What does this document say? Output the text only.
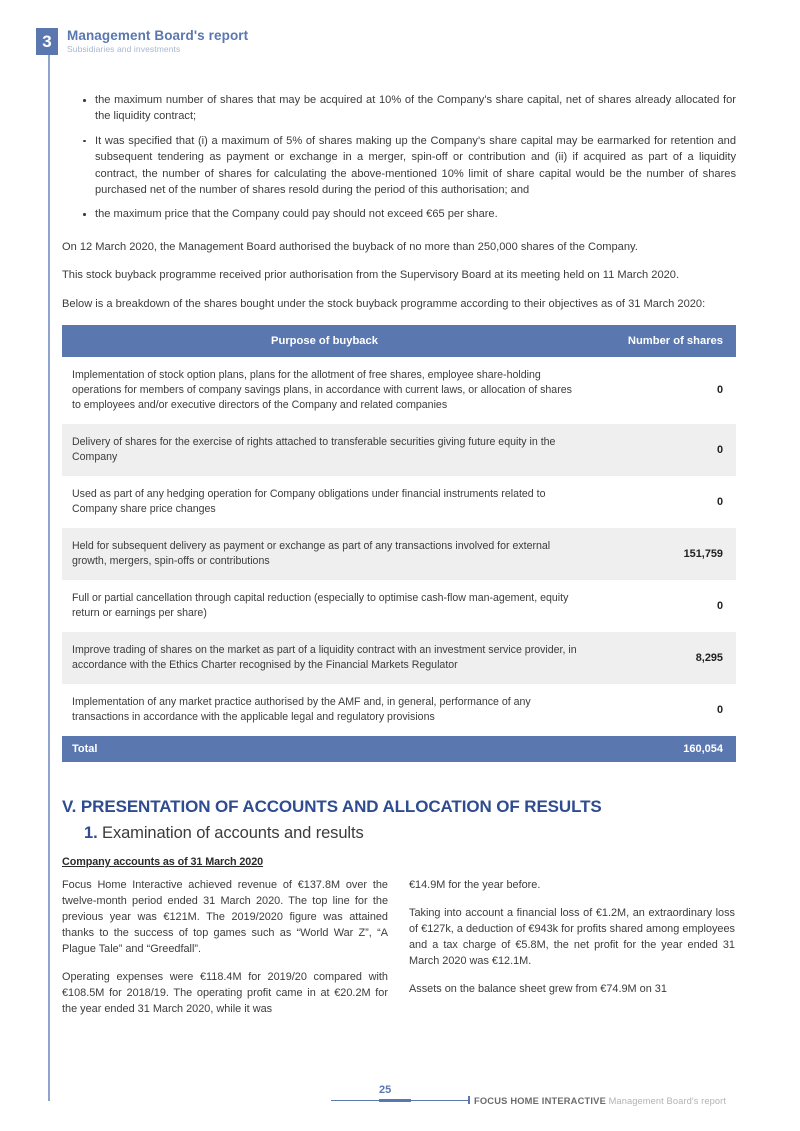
3	Management Board's report
Subsidiaries and investments
the maximum number of shares that may be acquired at 10% of the Company's share capital, net of shares already allocated for the liquidity contract;
It was specified that (i) a maximum of 5% of shares making up the Company's share capital may be earmarked for retention and subsequent tendering as payment or exchange in a merger, spin-off or contribution and (ii) if acquired as part of a liquidity contract, the number of shares for calculating the above-mentioned 10% limit of share capital would be the number of shares purchased net of the number of shares resold during the period of this authorisation; and
the maximum price that the Company could pay should not exceed €65 per share.

On 12 March 2020, the Management Board authorised the buyback of no more than 250,000 shares of the Company.

This stock buyback programme received prior authorisation from the Supervisory Board at its meeting held on 11 March 2020.

Below is a breakdown of the shares bought under the stock buyback programme according to their objectives as of 31 March 2020:

Purpose of buyback	Number of shares
Implementation of stock option plans, plans for the allotment of free shares, employee share-holding operations for members of company savings plans, in accordance with current laws, or allocation of shares to employees and/or executive directors of the Company and related companies	0
Delivery of shares for the exercise of rights attached to transferable securities giving future equity in the Company	0
Used as part of any hedging operation for Company obligations under financial instruments related to Company share price changes	0
Held for subsequent delivery as payment or exchange as part of any transactions involved for external growth, mergers, spin-offs or contributions	151,759
Full or partial cancellation through capital reduction (especially to optimise cash-flow man-agement, equity return or earnings per share)	0
Improve trading of shares on the market as part of a liquidity contract with an investment service provider, in accordance with the Ethics Charter recognised by the Financial Markets Regulator	8,295
Implementation of any market practice authorised by the AMF and, in general, performance of any transactions in accordance with the applicable legal and regulatory provisions	0
Total	160,054
V. PRESENTATION OF ACCOUNTS AND ALLOCATION OF RESULTS
1. Examination of accounts and results
Company accounts as of 31 March 2020

Focus Home Interactive achieved revenue of €137.8M over the twelve-month period ended 31 March 2020. The top line for the previous year was €121M. The 2019/2020 figure was attained thanks to the success of top games such as “World War Z”, “A Plague Tale” and “Greedfall”.

Operating expenses were €118.4M for 2019/20 compared with €108.5M for 2018/19. The operating profit came in at €20.2M for the year ended 31 March 2020, while it was

€14.9M for the year before.

Taking into account a financial loss of €1.2M, an extraordinary loss of €127k, a deduction of €943k for profits shared among employees and a tax charge of €5.8M, the net profit for the year ended 31 March 2020 was €12.1M.

Assets on the balance sheet grew from €74.9M on 31

25
FOCUS HOME INTERACTIVE Management Board's report
